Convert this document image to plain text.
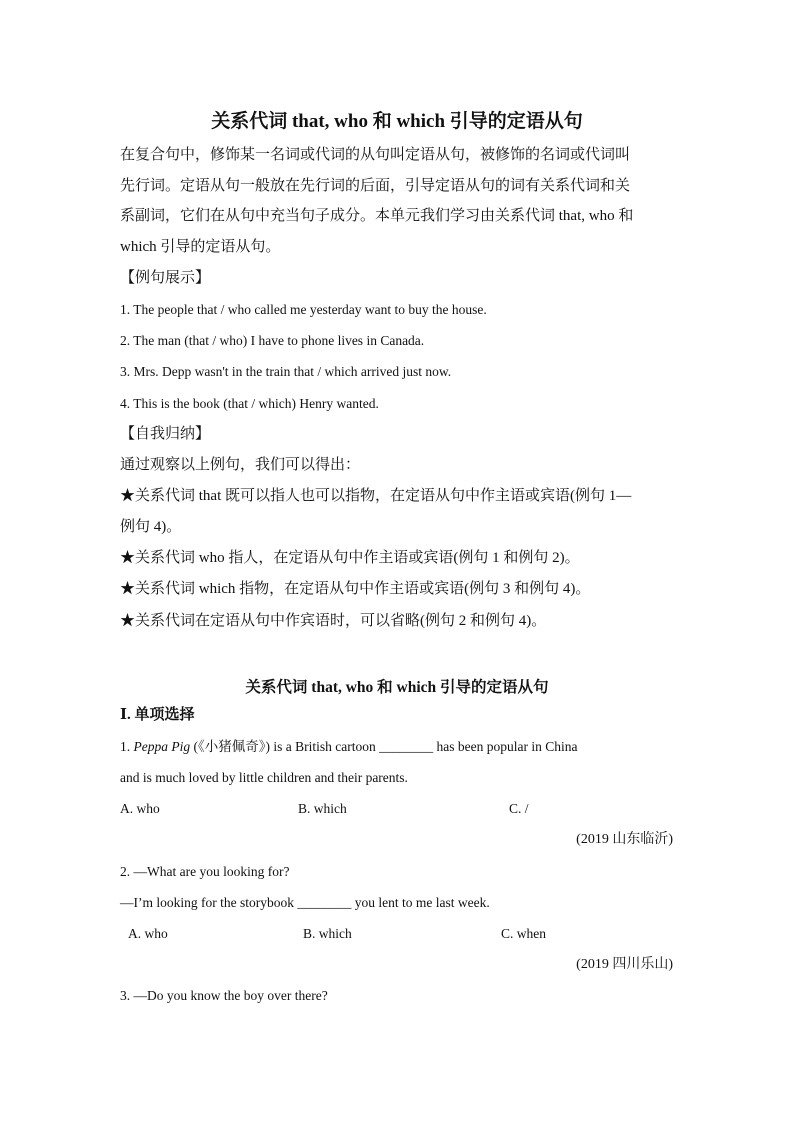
关系代词 that, who 和 which 引导的定语从句
在复合句中，修饰某一名词或代词的从句叫定语从句，被修饰的名词或代词叫
先行词。定语从句一般放在先行词的后面，引导定语从句的词有关系代词和关
系副词，它们在从句中充当句子成分。本单元我们学习由关系代词 that, who 和
which 引导的定语从句。
【例句展示】
1. The people that / who called me yesterday want to buy the house.
2. The man (that / who) I have to phone lives in Canada.
3. Mrs. Depp wasn't in the train that / which arrived just now.
4. This is the book (that / which) Henry wanted.
【自我归纳】
通过观察以上例句，我们可以得出：
★关系代词 that 既可以指人也可以指物，在定语从句中作主语或宾语(例句 1—
例句 4)。
★关系代词 who 指人，在定语从句中作主语或宾语(例句 1 和例句 2)。
★关系代词 which 指物，在定语从句中作主语或宾语(例句 3 和例句 4)。
★关系代词在定语从句中作宾语时，可以省略(例句 2 和例句 4)。
关系代词 that, who 和 which 引导的定语从句
Ⅰ. 单项选择
1. Peppa Pig (《小猪佩奇》) is a British cartoon ________ has been popular in China
and is much loved by little children and their parents.
A. who	B. which	C. /
(2019 山东临沂)
2. —What are you looking for?
—I’m looking for the storybook ________ you lent to me last week.
A. who	B. which	C. when
(2019 四川乐山)
3. —Do you know the boy over there?
